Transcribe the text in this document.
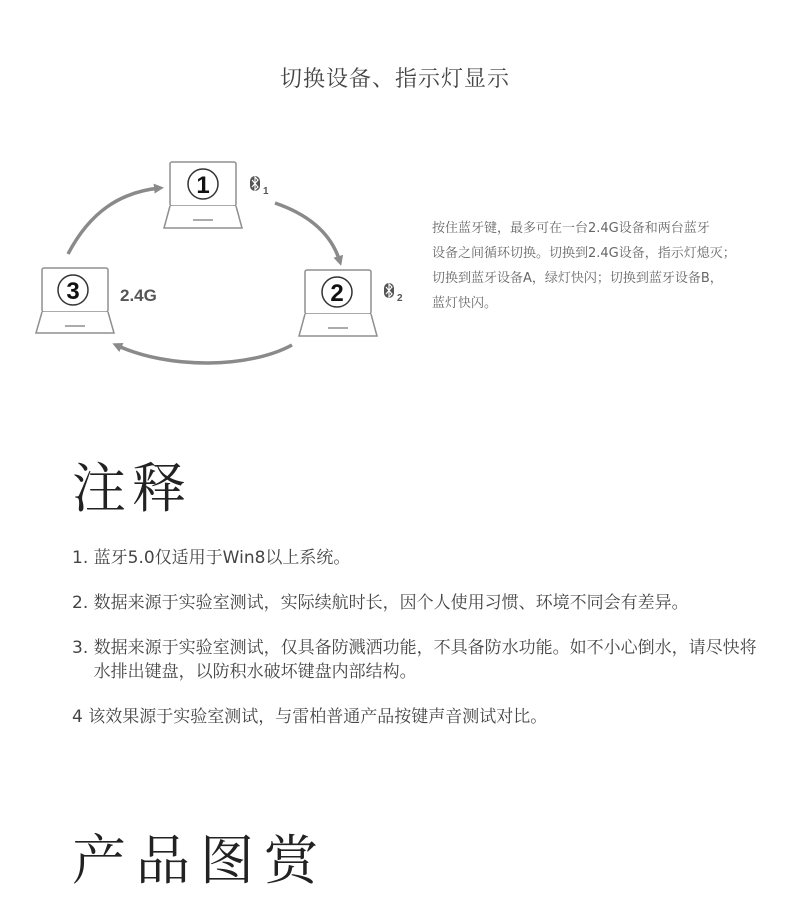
切换设备、指示灯显示
1	1
2	2
3 2.4G
按住蓝牙键，最多可在一台2.4G设备和两台蓝牙
设备之间循环切换。切换到2.4G设备，指示灯熄灭；
切换到蓝牙设备A，绿灯快闪；切换到蓝牙设备B，
蓝灯快闪。
注释
1. 蓝牙5.0仅适用于Win8以上系统。
2. 数据来源于实验室测试，实际续航时长，因个人使用习惯、环境不同会有差异。
3. 数据来源于实验室测试，仅具备防溅洒功能，不具备防水功能。如不小心倒水，请尽快将水排出键盘，以防积水破坏键盘内部结构。
4 该效果源于实验室测试，与雷柏普通产品按键声音测试对比。
产品图赏
